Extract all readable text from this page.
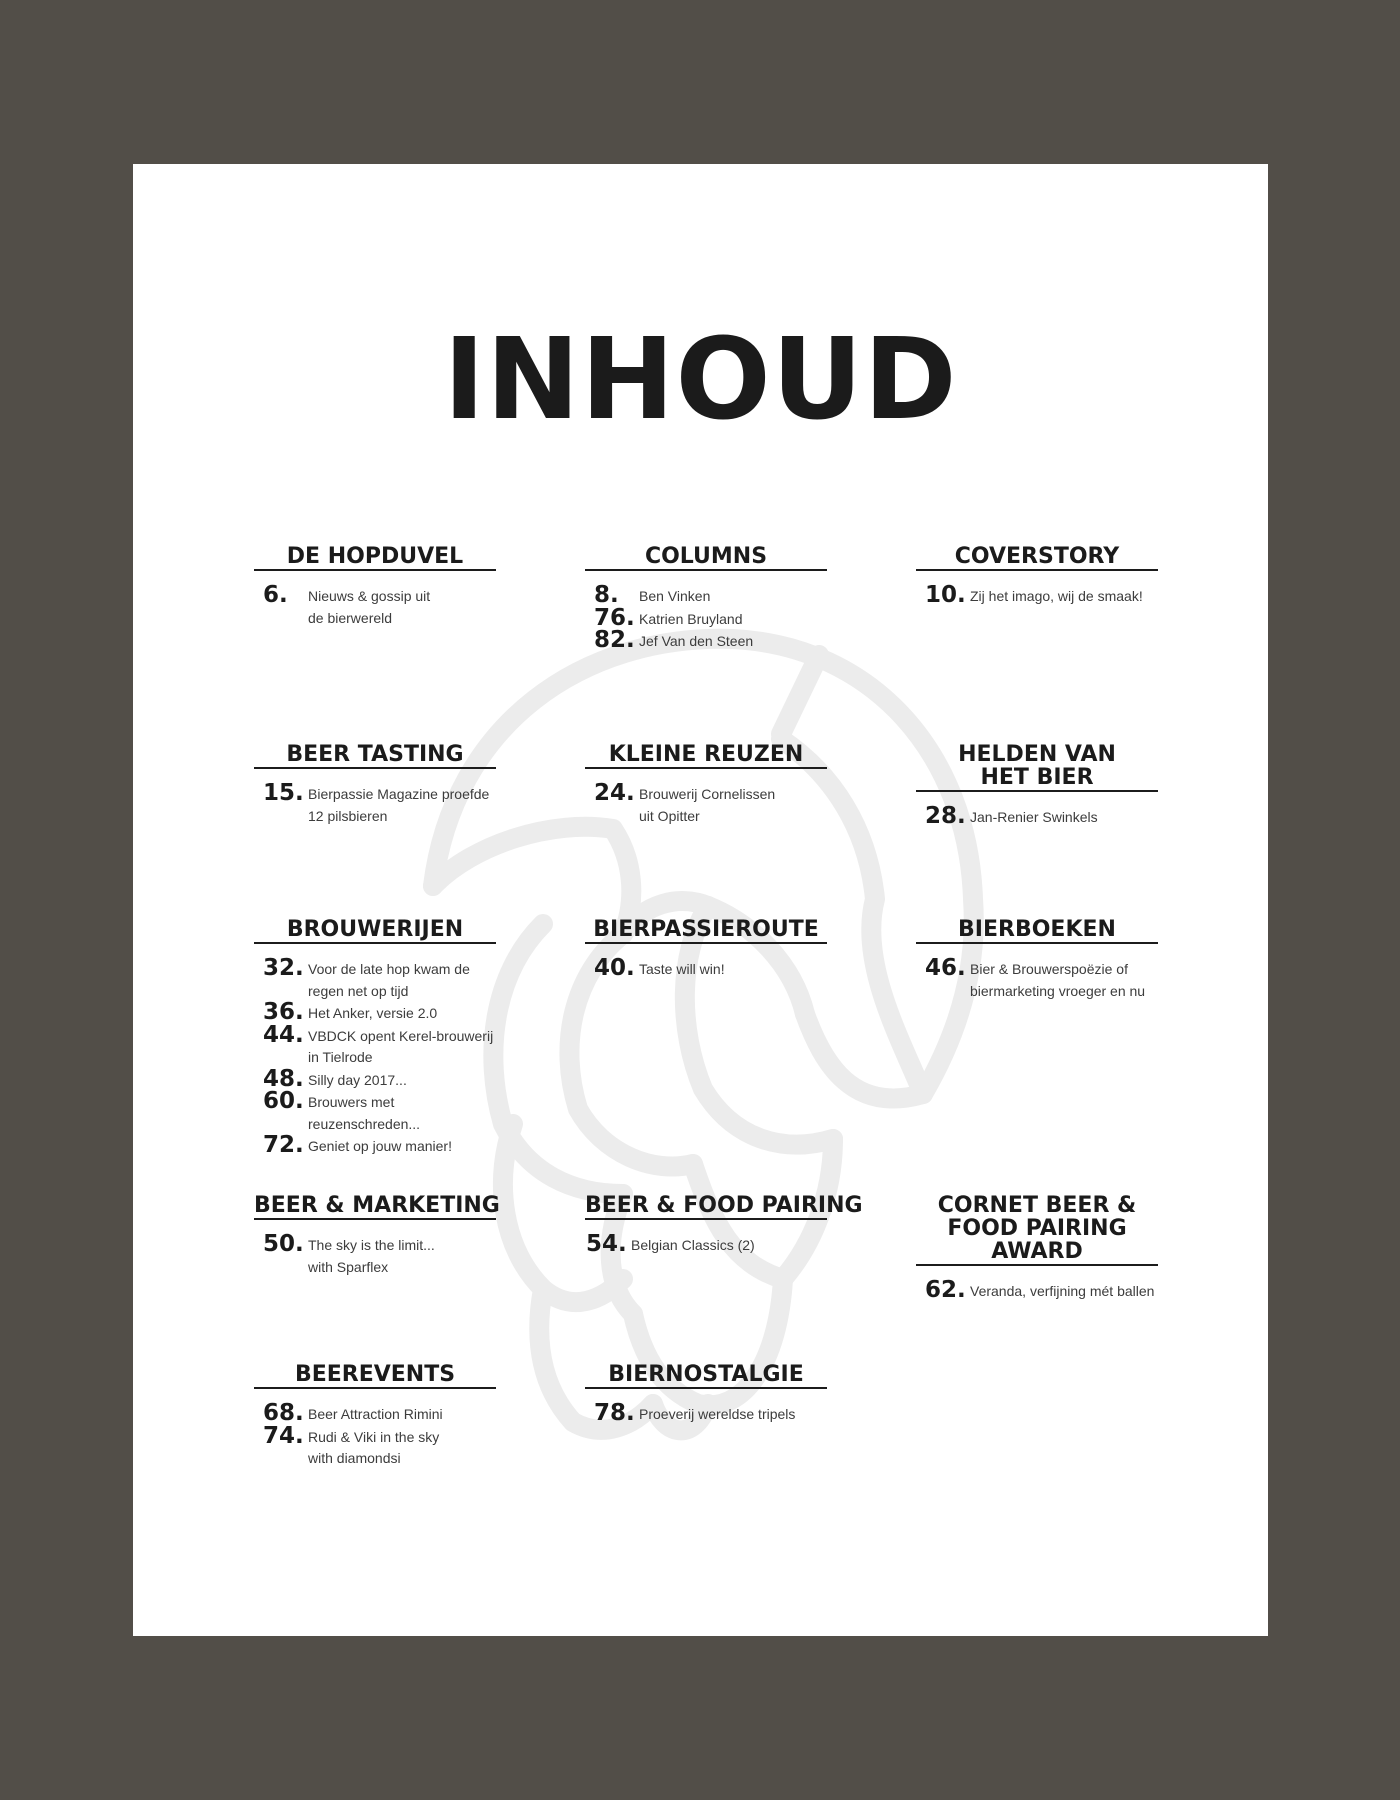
INHOUD
DE HOPDUVEL
6.	Nieuws & gossip uit
de bierwereld
COLUMNS
8.	Ben Vinken
76. Katrien Bruyland
82. Jef Van den Steen
COVERSTORY
10. Zij het imago, wij de smaak!
BEER TASTING
15. Bierpassie Magazine proefde
12 pilsbieren
KLEINE REUZEN
24. Brouwerij Cornelissen
uit Opitter
HELDEN VAN
HET BIER
28. Jan-Renier Swinkels
BROUWERIJEN
32. Voor de late hop kwam de
regen net op tijd
36. Het Anker, versie 2.0
44. VBDCK opent Kerel-brouwerij
in Tielrode
48. Silly day 2017...
60. Brouwers met
reuzenschreden...
72. Geniet op jouw manier!
BIERPASSIEROUTE
40. Taste will win!
BIERBOEKEN
46. Bier & Brouwerspoëzie of
biermarketing vroeger en nu
BEER & MARKETING
50. The sky is the limit...
with Sparflex
BEER & FOOD PAIRING
54. Belgian Classics (2)
CORNET BEER &
FOOD PAIRING
AWARD
62. Veranda, verfijning mét ballen
BEEREVENTS
68. Beer Attraction Rimini
74. Rudi & Viki in the sky
with diamondsi
BIERNOSTALGIE
78. Proeverij wereldse tripels
